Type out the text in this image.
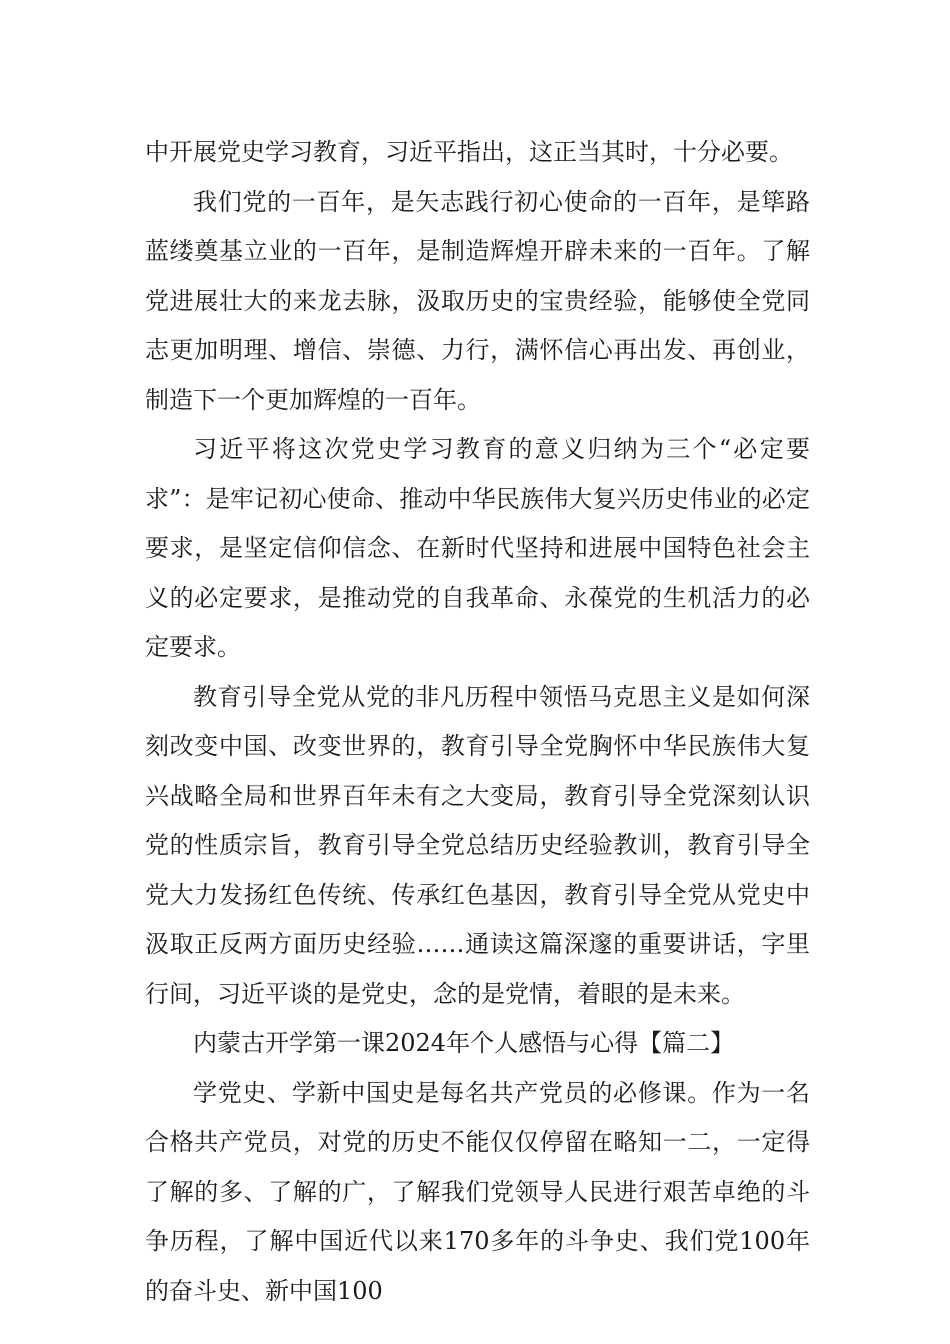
中开展党史学习教育，习近平指出，这正当其时，十分必要。

我们党的一百年，是矢志践行初心使命的一百年，是筚路蓝缕奠基立业的一百年，是制造辉煌开辟未来的一百年。了解党进展壮大的来龙去脉，汲取历史的宝贵经验，能够使全党同志更加明理、增信、崇德、力行，满怀信心再出发、再创业，制造下一个更加辉煌的一百年。

习近平将这次党史学习教育的意义归纳为三个“必定要求”：是牢记初心使命、推动中华民族伟大复兴历史伟业的必定要求，是坚定信仰信念、在新时代坚持和进展中国特色社会主义的必定要求，是推动党的自我革命、永葆党的生机活力的必定要求。

教育引导全党从党的非凡历程中领悟马克思主义是如何深刻改变中国、改变世界的，教育引导全党胸怀中华民族伟大复兴战略全局和世界百年未有之大变局，教育引导全党深刻认识党的性质宗旨，教育引导全党总结历史经验教训，教育引导全党大力发扬红色传统、传承红色基因，教育引导全党从党史中汲取正反两方面历史经验……通读这篇深邃的重要讲话，字里行间，习近平谈的是党史，念的是党情，着眼的是未来。

内蒙古开学第一课2024年个人感悟与心得【篇二】

学党史、学新中国史是每名共产党员的必修课。作为一名合格共产党员，对党的历史不能仅仅停留在略知一二，一定得了解的多、了解的广，了解我们党领导人民进行艰苦卓绝的斗争历程，了解中国近代以来170多年的斗争史、我们党100年的奋斗史、新中国100
